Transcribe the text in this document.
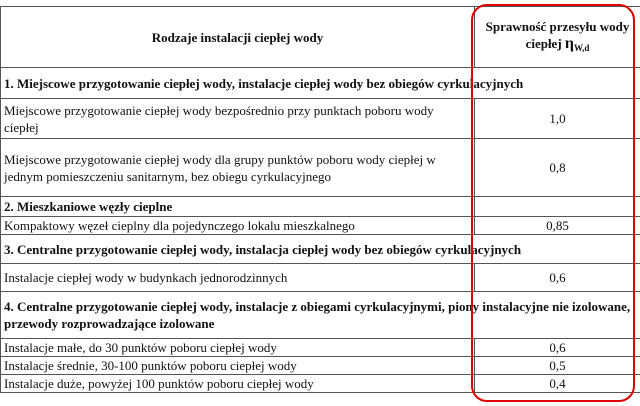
Rodzaje instalacji ciepłej wody	Sprawność przesyłu wody
ciepłej $\eta_{W,d}$
1. Miejscowe przygotowanie ciepłej wody, instalacje ciepłej wody bez obiegów cyrkulacyjnych	
Miejscowe przygotowanie ciepłej wody bezpośrednio przy punktach poboru wody ciepłej	1,0
Miejscowe przygotowanie ciepłej wody dla grupy punktów poboru wody ciepłej w jednym pomieszczeniu sanitarnym, bez obiegu cyrkulacyjnego	0,8
2. Mieszkaniowe węzły cieplne	
Kompaktowy węzeł cieplny dla pojedynczego lokalu mieszkalnego	0,85
3. Centralne przygotowanie ciepłej wody, instalacja ciepłej wody bez obiegów cyrkulacyjnych	
Instalacje ciepłej wody w budynkach jednorodzinnych	0,6
4. Centralne przygotowanie ciepłej wody, instalacje z obiegami cyrkulacyjnymi, piony instalacyjne nie izolowane, przewody rozprowadzające izolowane	
Instalacje małe, do 30 punktów poboru ciepłej wody	0,6
Instalacje średnie, 30-100 punktów poboru ciepłej wody	0,5
Instalacje duże, powyżej 100 punktów poboru ciepłej wody	0,4
